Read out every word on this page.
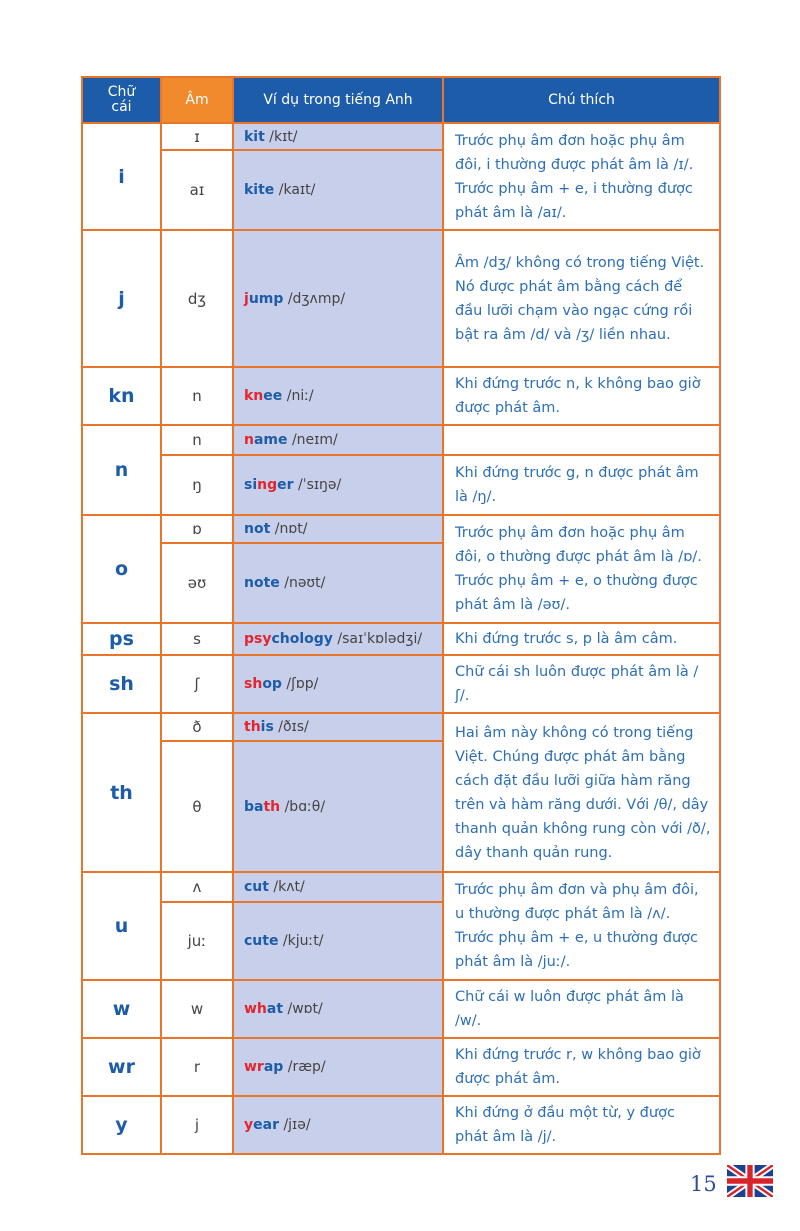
Chữ cái	Âm	Ví dụ trong tiếng Anh	Chú thích
i	ɪ	kit /kɪt/	Trước phụ âm đơn hoặc phụ âm đôi, i thường được phát âm là /ɪ/. Trước phụ âm + e, i thường được phát âm là /aɪ/.
	aɪ	kite /kaɪt/	
j	dʒ	jump /dʒʌmp/	Âm /dʒ/ không có trong tiếng Việt. Nó được phát âm bằng cách để đầu lưỡi chạm vào ngạc cứng rồi bật ra âm /d/ và /ʒ/ liền nhau.
kn	n	knee /niː/	Khi đứng trước n, k không bao giờ được phát âm.
n	n	name /neɪm/	
	ŋ	singer /ˈsɪŋə/	Khi đứng trước g, n được phát âm là /ŋ/.
o	ɒ	not /nɒt/	Trước phụ âm đơn hoặc phụ âm đôi, o thường được phát âm là /ɒ/. Trước phụ âm + e, o thường được phát âm là /əʊ/.
	əʊ	note /nəʊt/	
ps	s	psychology /saɪˈkɒlədʒi/	Khi đứng trước s, p là âm câm.
sh	ʃ	shop /ʃɒp/	Chữ cái sh luôn được phát âm là /ʃ/.
th	ð	this /ðɪs/	Hai âm này không có trong tiếng Việt. Chúng được phát âm bằng cách đặt đầu lưỡi giữa hàm răng trên và hàm răng dưới. Với /θ/, dây thanh quản không rung còn với /ð/, dây thanh quản rung.
	θ	bath /bɑːθ/	
u	ʌ	cut /kʌt/	Trước phụ âm đơn và phụ âm đôi, u thường được phát âm là /ʌ/. Trước phụ âm + e, u thường được phát âm là /juː/.
	juː	cute /kjuːt/	
w	w	what /wɒt/	Chữ cái w luôn được phát âm là /w/.
wr	r	wrap /ræp/	Khi đứng trước r, w không bao giờ được phát âm.
y	j	year /jɪə/	Khi đứng ở đầu một từ, y được phát âm là /j/.
15
